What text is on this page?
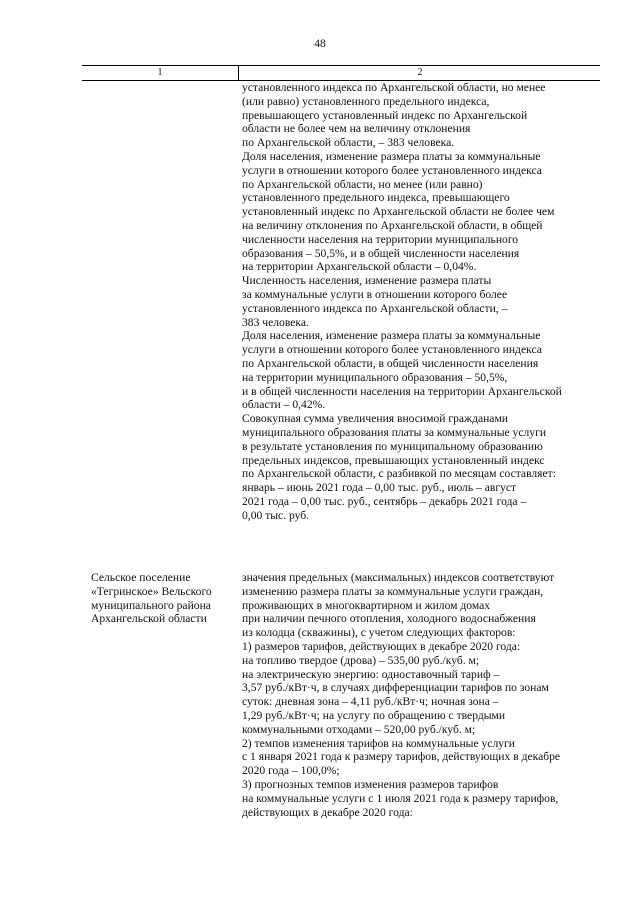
48
1	2
установленного индекса по Архангельской области, но менее
(или равно) установленного предельного индекса,
превышающего установленный индекс по Архангельской
области не более чем на величину отклонения
по Архангельской области, – 383 человека.
Доля населения, изменение размера платы за коммунальные
услуги в отношении которого более установленного индекса
по Архангельской области, но менее (или равно)
установленного предельного индекса, превышающего
установленный индекс по Архангельской области не более чем
на величину отклонения по Архангельской области, в общей
численности населения на территории муниципального
образования – 50,5%, и в общей численности населения
на территории Архангельской области – 0,04%.
Численность населения, изменение размера платы
за коммунальные услуги в отношении которого более
установленного индекса по Архангельской области, –
383 человека.
Доля населения, изменение размера платы за коммунальные
услуги в отношении которого более установленного индекса
по Архангельской области, в общей численности населения
на территории муниципального образования – 50,5%,
и в общей численности населения на территории Архангельской
области – 0,42%.
Совокупная сумма увеличения вносимой гражданами
муниципального образования платы за коммунальные услуги
в результате установления по муниципальному образованию
предельных индексов, превышающих установленный индекс
по Архангельской области, с разбивкой по месяцам составляет:
январь – июнь 2021 года – 0,00 тыс. руб., июль – август
2021 года – 0,00 тыс. руб., сентябрь – декабрь 2021 года –
0,00 тыс. руб.
Сельское поселение
«Тегринское» Вельского
муниципального района
Архангельской области
значения предельных (максимальных) индексов соответствуют
изменению размера платы за коммунальные услуги граждан,
проживающих в многоквартирном и жилом домах
при наличии печного отопления, холодного водоснабжения
из колодца (скважины), с учетом следующих факторов:
1) размеров тарифов, действующих в декабре 2020 года:
на топливо твердое (дрова) – 535,00 руб./куб. м;
на электрическую энергию: одноставочный тариф –
3,57 руб./кВт·ч, в случаях дифференциации тарифов по зонам
суток: дневная зона – 4,11 руб./кВт·ч; ночная зона –
1,29 руб./кВт·ч; на услугу по обращению с твердыми
коммунальными отходами – 520,00 руб./куб. м;
2) темпов изменения тарифов на коммунальные услуги
с 1 января 2021 года к размеру тарифов, действующих в декабре
2020 года – 100,0%;
3) прогнозных темпов изменения размеров тарифов
на коммунальные услуги с 1 июля 2021 года к размеру тарифов,
действующих в декабре 2020 года:
